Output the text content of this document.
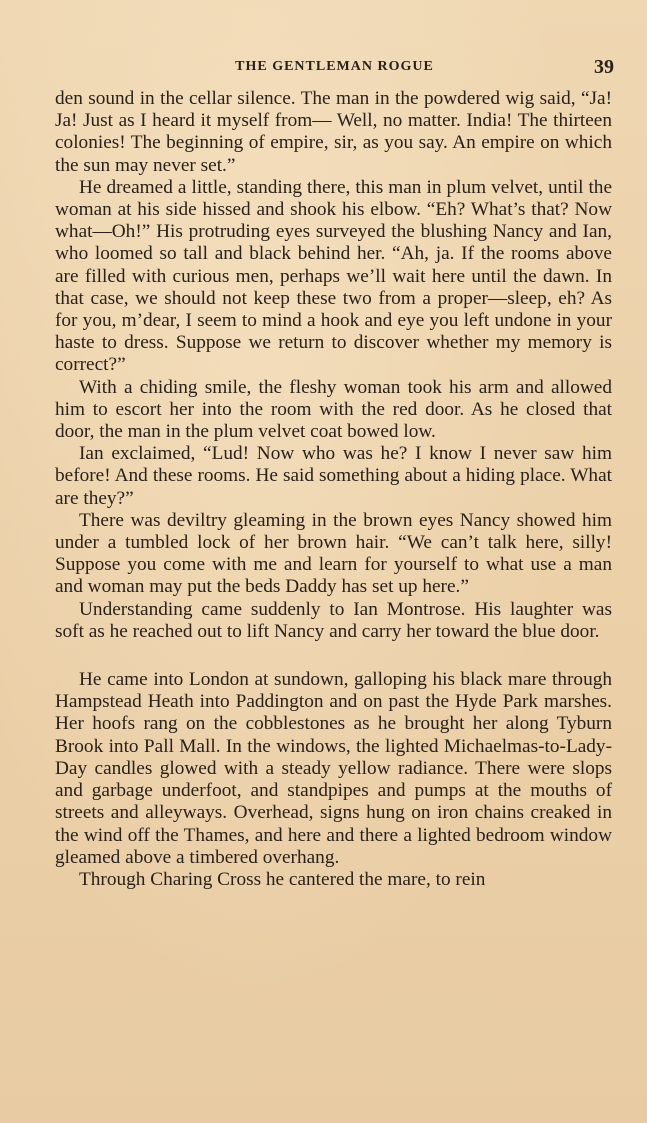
THE GENTLEMAN ROGUE	39

den sound in the cellar silence. The man in the powdered wig said, “Ja! Ja! Just as I heard it myself from— Well, no matter. India! The thirteen colonies! The beginning of empire, sir, as you say. An empire on which the sun may never set.”

He dreamed a little, standing there, this man in plum velvet, until the woman at his side hissed and shook his elbow. “Eh? What’s that? Now what—Oh!” His protruding eyes surveyed the blushing Nancy and Ian, who loomed so tall and black behind her. “Ah, ja. If the rooms above are filled with curious men, perhaps we’ll wait here until the dawn. In that case, we should not keep these two from a proper—sleep, eh? As for you, m’dear, I seem to mind a hook and eye you left undone in your haste to dress. Suppose we return to discover whether my memory is correct?”

With a chiding smile, the fleshy woman took his arm and allowed him to escort her into the room with the red door. As he closed that door, the man in the plum velvet coat bowed low.

Ian exclaimed, “Lud! Now who was he? I know I never saw him before! And these rooms. He said something about a hiding place. What are they?”

There was deviltry gleaming in the brown eyes Nancy showed him under a tumbled lock of her brown hair. “We can’t talk here, silly! Suppose you come with me and learn for yourself to what use a man and woman may put the beds Daddy has set up here.”

Understanding came suddenly to Ian Montrose. His laughter was soft as he reached out to lift Nancy and carry her toward the blue door.

He came into London at sundown, galloping his black mare through Hampstead Heath into Paddington and on past the Hyde Park marshes. Her hoofs rang on the cobblestones as he brought her along Tyburn Brook into Pall Mall. In the windows, the lighted Michaelmas-to-Lady-Day candles glowed with a steady yellow radiance. There were slops and garbage underfoot, and standpipes and pumps at the mouths of streets and alleyways. Overhead, signs hung on iron chains creaked in the wind off the Thames, and here and there a lighted bedroom window gleamed above a timbered overhang.

Through Charing Cross he cantered the mare, to rein
